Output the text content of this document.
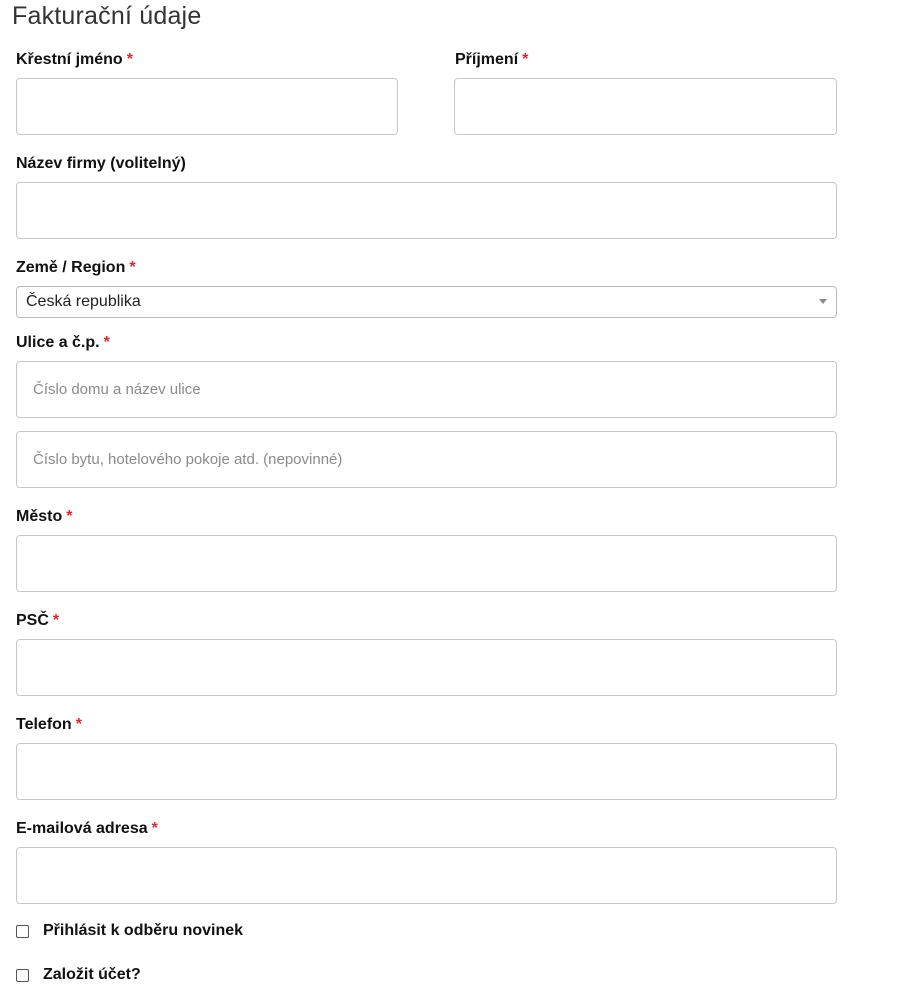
Fakturační údaje
Křestní jméno *	Příjmení *
Název firmy (volitelný)
Země / Region *
Česká republika
Ulice a č.p. *
Číslo domu a název ulice
Číslo bytu, hotelového pokoje atd. (nepovinné)
Město *
PSČ *
Telefon *
E-mailová adresa *
Přihlásit k odběru novinek
Založit účet?
